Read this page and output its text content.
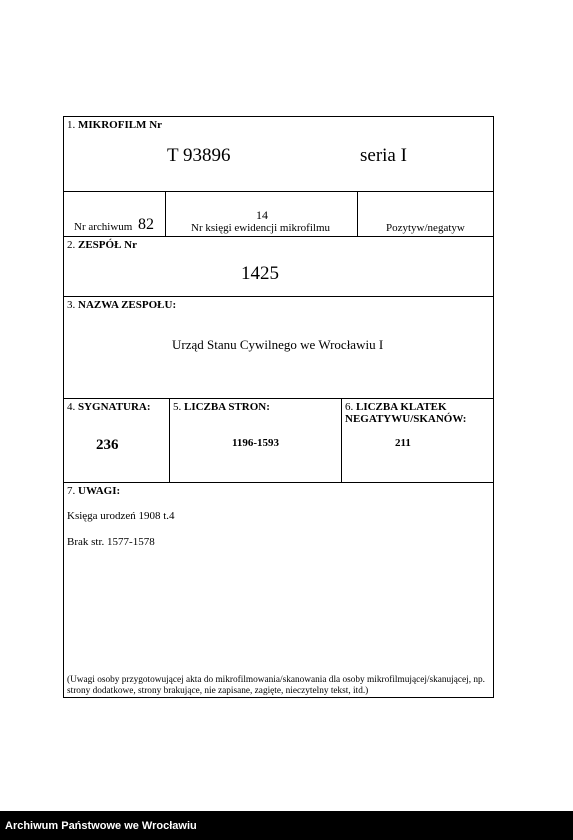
1. MIKROFILM Nr
T 93896	seria I
Nr archiwum 82
14
Nr księgi ewidencji mikrofilmu	Pozytyw/negatyw
2. ZESPÓŁ Nr
1425
3. NAZWA ZESPOŁU:
Urząd Stanu Cywilnego we Wrocławiu I
4. SYGNATURA:
236
5. LICZBA STRON:
1196-1593
6. LICZBA KLATEK
NEGATYWU/SKANÓW:
211
7. UWAGI:
Księga urodzeń 1908 t.4
Brak str. 1577-1578
(Uwagi osoby przygotowującej akta do mikrofilmowania/skanowania dla osoby mikrofilmującej/skanującej, np.
strony dodatkowe, strony brakujące, nie zapisane, zagięte, nieczytelny tekst, itd.)
Archiwum Państwowe we Wrocławiu
